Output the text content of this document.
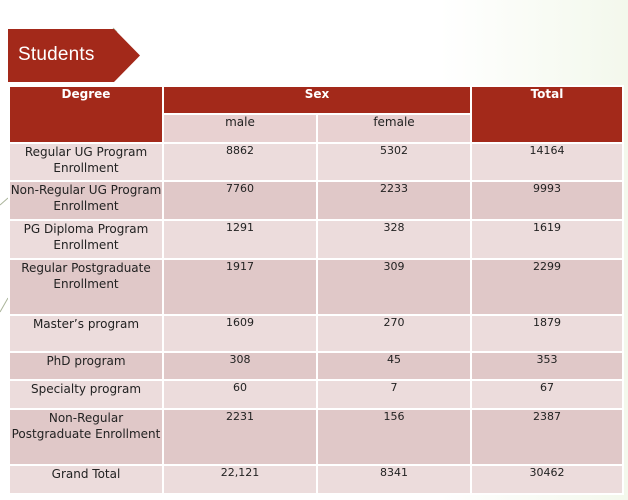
Students
Degree	Sex		Total
	male	female	
Regular UG Program Enrollment	8862	5302	14164
Non-Regular UG Program Enrollment	7760	2233	9993
PG Diploma Program Enrollment	1291	328	1619
Regular Postgraduate Enrollment	1917	309	2299
Master’s program	1609	270	1879
PhD program	308	45	353
Specialty program	60	7	67
Non-Regular Postgraduate Enrollment	2231	156	2387
Grand Total	22,121	8341	30462
